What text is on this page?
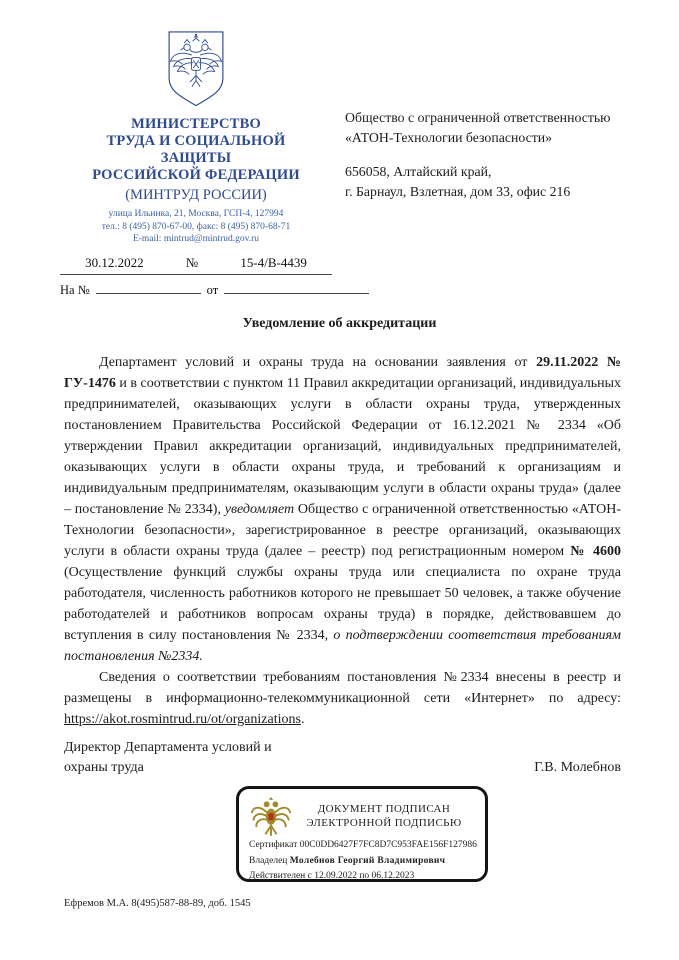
МИНИСТЕРСТВО
ТРУДА И СОЦИАЛЬНОЙ
ЗАЩИТЫ
РОССИЙСКОЙ ФЕДЕРАЦИИ
(МИНТРУД РОССИИ)
улица Ильинка, 21, Москва, ГСП-4, 127994
тел.: 8 (495) 870-67-00, факс: 8 (495) 870-68-71
E-mail: mintrud@mintrud.gov.ru
30.12.2022	№	15-4/В-4439
На №	от
Общество с ограниченной ответственностью «АТОН-Технологии безопасности»
656058, Алтайский край,
г. Барнаул, Взлетная, дом 33, офис 216
Уведомление об аккредитации

Департамент условий и охраны труда на основании заявления от 29.11.2022 № ГУ-1476 и в соответствии с пунктом 11 Правил аккредитации организаций, индивидуальных предпринимателей, оказывающих услуги в области охраны труда, утвержденных постановлением Правительства Российской Федерации от 16.12.2021 № 2334 «Об утверждении Правил аккредитации организаций, индивидуальных предпринимателей, оказывающих услуги в области охраны труда, и требований к организациям и индивидуальным предпринимателям, оказывающим услуги в области охраны труда» (далее – постановление № 2334), уведомляет Общество с ограниченной ответственностью «АТОН-Технологии безопасности», зарегистрированное в реестре организаций, оказывающих услуги в области охраны труда (далее – реестр) под регистрационным номером № 4600 (Осуществление функций службы охраны труда или специалиста по охране труда работодателя, численность работников которого не превышает 50 человек, а также обучение работодателей и работников вопросам охраны труда) в порядке, действовавшем до вступления в силу постановления № 2334, о подтверждении соответствия требованиям постановления №2334.

Сведения о соответствии требованиям постановления №2334 внесены в реестр и размещены в информационно-телекоммуникационной сети «Интернет» по адресу: https://akot.rosmintrud.ru/ot/organizations.

Директор Департамента условий и
охраны труда	Г.В. Молебнов
ДОКУМЕНТ ПОДПИСАН
ЭЛЕКТРОННОЙ ПОДПИСЬЮ
Сертификат 00C0DD6427F7FC8D7C953FAE156F127986
Владелец Молебнов Георгий Владимирович
Действителен с 12.09.2022 по 06.12.2023
Ефремов М.А. 8(495)587-88-89, доб. 1545
